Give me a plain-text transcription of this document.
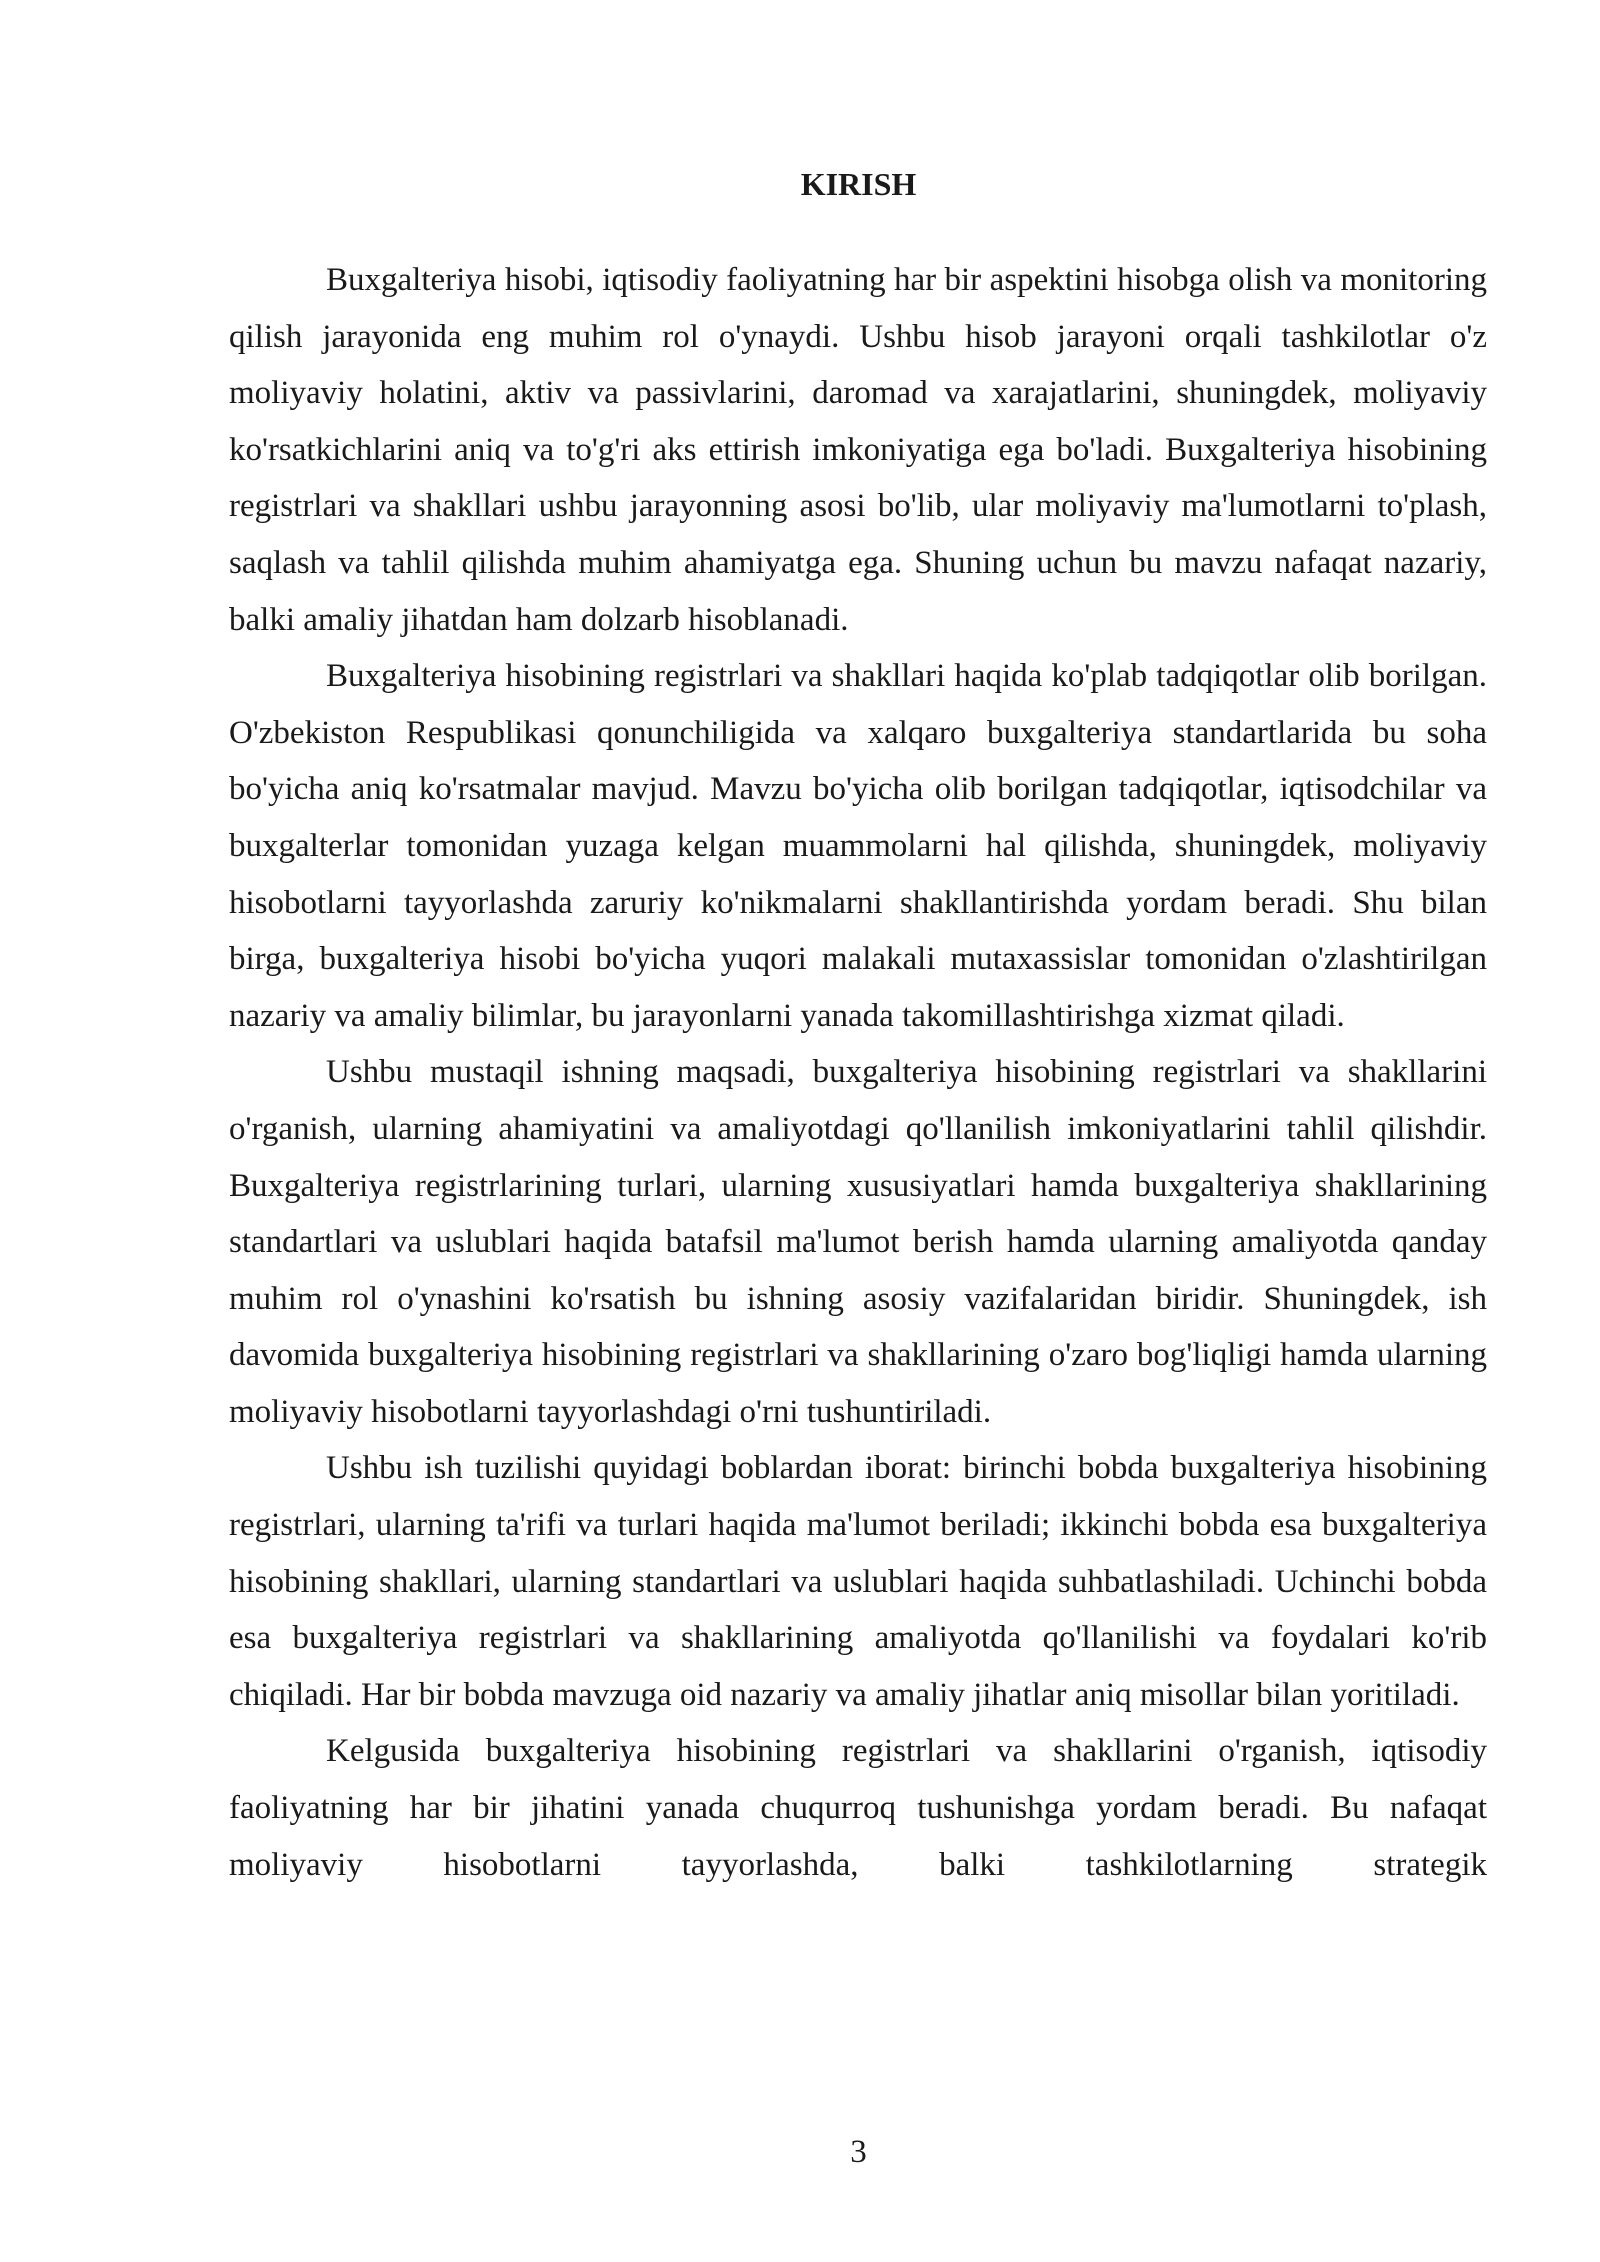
KIRISH

Buxgalteriya hisobi, iqtisodiy faoliyatning har bir aspektini hisobga olish va monitoring qilish jarayonida eng muhim rol o'ynaydi. Ushbu hisob jarayoni orqali tashkilotlar o'z moliyaviy holatini, aktiv va passivlarini, daromad va xarajatlarini, shuningdek, moliyaviy ko'rsatkichlarini aniq va to'g'ri aks ettirish imkoniyatiga ega bo'ladi. Buxgalteriya hisobining registrlari va shakllari ushbu jarayonning asosi bo'lib, ular moliyaviy ma'lumotlarni to'plash, saqlash va tahlil qilishda muhim ahamiyatga ega. Shuning uchun bu mavzu nafaqat nazariy, balki amaliy jihatdan ham dolzarb hisoblanadi.

Buxgalteriya hisobining registrlari va shakllari haqida ko'plab tadqiqotlar olib borilgan. O'zbekiston Respublikasi qonunchiligida va xalqaro buxgalteriya standartlarida bu soha bo'yicha aniq ko'rsatmalar mavjud. Mavzu bo'yicha olib borilgan tadqiqotlar, iqtisodchilar va buxgalterlar tomonidan yuzaga kelgan muammolarni hal qilishda, shuningdek, moliyaviy hisobotlarni tayyorlashda zaruriy ko'nikmalarni shakllantirishda yordam beradi. Shu bilan birga, buxgalteriya hisobi bo'yicha yuqori malakali mutaxassislar tomonidan o'zlashtirilgan nazariy va amaliy bilimlar, bu jarayonlarni yanada takomillashtirishga xizmat qiladi.

Ushbu mustaqil ishning maqsadi, buxgalteriya hisobining registrlari va shakllarini o'rganish, ularning ahamiyatini va amaliyotdagi qo'llanilish imkoniyatlarini tahlil qilishdir. Buxgalteriya registrlarining turlari, ularning xususiyatlari hamda buxgalteriya shakllarining standartlari va uslublari haqida batafsil ma'lumot berish hamda ularning amaliyotda qanday muhim rol o'ynashini ko'rsatish bu ishning asosiy vazifalaridan biridir. Shuningdek, ish davomida buxgalteriya hisobining registrlari va shakllarining o'zaro bog'liqligi hamda ularning moliyaviy hisobotlarni tayyorlashdagi o'rni tushuntiriladi.

Ushbu ish tuzilishi quyidagi boblardan iborat: birinchi bobda buxgalteriya hisobining registrlari, ularning ta'rifi va turlari haqida ma'lumot beriladi; ikkinchi bobda esa buxgalteriya hisobining shakllari, ularning standartlari va uslublari haqida suhbatlashiladi. Uchinchi bobda esa buxgalteriya registrlari va shakllarining amaliyotda qo'llanilishi va foydalari ko'rib chiqiladi. Har bir bobda mavzuga oid nazariy va amaliy jihatlar aniq misollar bilan yoritiladi.

Kelgusida buxgalteriya hisobining registrlari va shakllarini o'rganish, iqtisodiy faoliyatning har bir jihatini yanada chuqurroq tushunishga yordam beradi. Bu nafaqat moliyaviy hisobotlarni tayyorlashda, balki tashkilotlarning strategik

3
